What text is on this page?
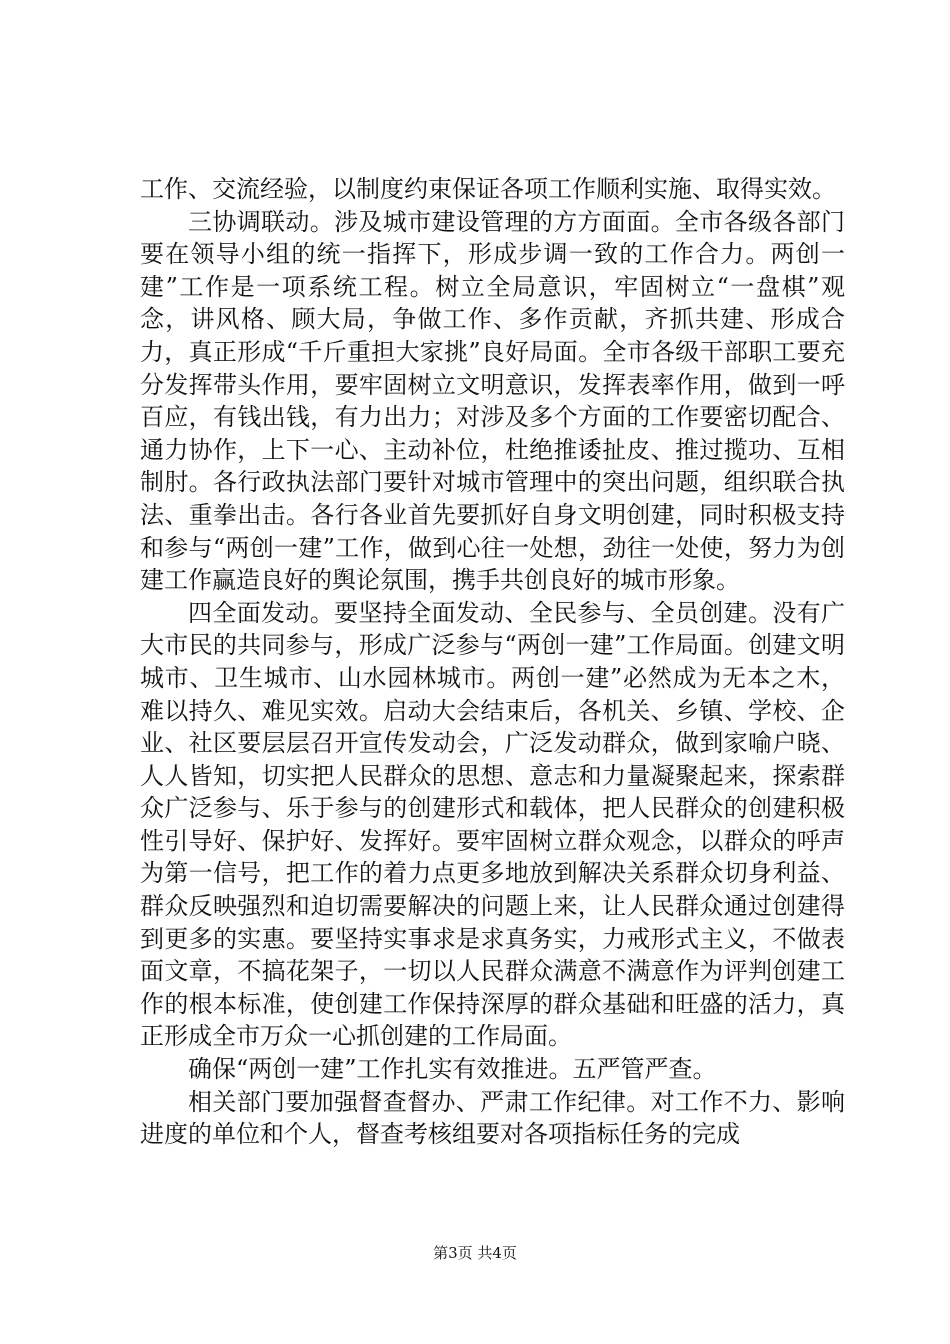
工作、交流经验，以制度约束保证各项工作顺利实施、取得实效。

三协调联动。涉及城市建设管理的方方面面。全市各级各部门要在领导小组的统一指挥下，形成步调一致的工作合力。两创一建”工作是一项系统工程。树立全局意识，牢固树立“一盘棋”观念，讲风格、顾大局，争做工作、多作贡献，齐抓共建、形成合力，真正形成“千斤重担大家挑”良好局面。全市各级干部职工要充分发挥带头作用，要牢固树立文明意识，发挥表率作用，做到一呼百应，有钱出钱，有力出力；对涉及多个方面的工作要密切配合、通力协作，上下一心、主动补位，杜绝推诿扯皮、推过揽功、互相制肘。各行政执法部门要针对城市管理中的突出问题，组织联合执法、重拳出击。各行各业首先要抓好自身文明创建，同时积极支持和参与“两创一建”工作，做到心往一处想，劲往一处使，努力为创建工作赢造良好的舆论氛围，携手共创良好的城市形象。

四全面发动。要坚持全面发动、全民参与、全员创建。没有广大市民的共同参与，形成广泛参与“两创一建”工作局面。创建文明城市、卫生城市、山水园林城市。两创一建”必然成为无本之木，难以持久、难见实效。启动大会结束后，各机关、乡镇、学校、企业、社区要层层召开宣传发动会，广泛发动群众，做到家喻户晓、人人皆知，切实把人民群众的思想、意志和力量凝聚起来，探索群众广泛参与、乐于参与的创建形式和载体，把人民群众的创建积极性引导好、保护好、发挥好。要牢固树立群众观念，以群众的呼声为第一信号，把工作的着力点更多地放到解决关系群众切身利益、群众反映强烈和迫切需要解决的问题上来，让人民群众通过创建得到更多的实惠。要坚持实事求是求真务实，力戒形式主义，不做表面文章，不搞花架子，一切以人民群众满意不满意作为评判创建工作的根本标准，使创建工作保持深厚的群众基础和旺盛的活力，真正形成全市万众一心抓创建的工作局面。

确保“两创一建”工作扎实有效推进。五严管严查。

相关部门要加强督查督办、严肃工作纪律。对工作不力、影响进度的单位和个人，督查考核组要对各项指标任务的完成

第3页 共4页
